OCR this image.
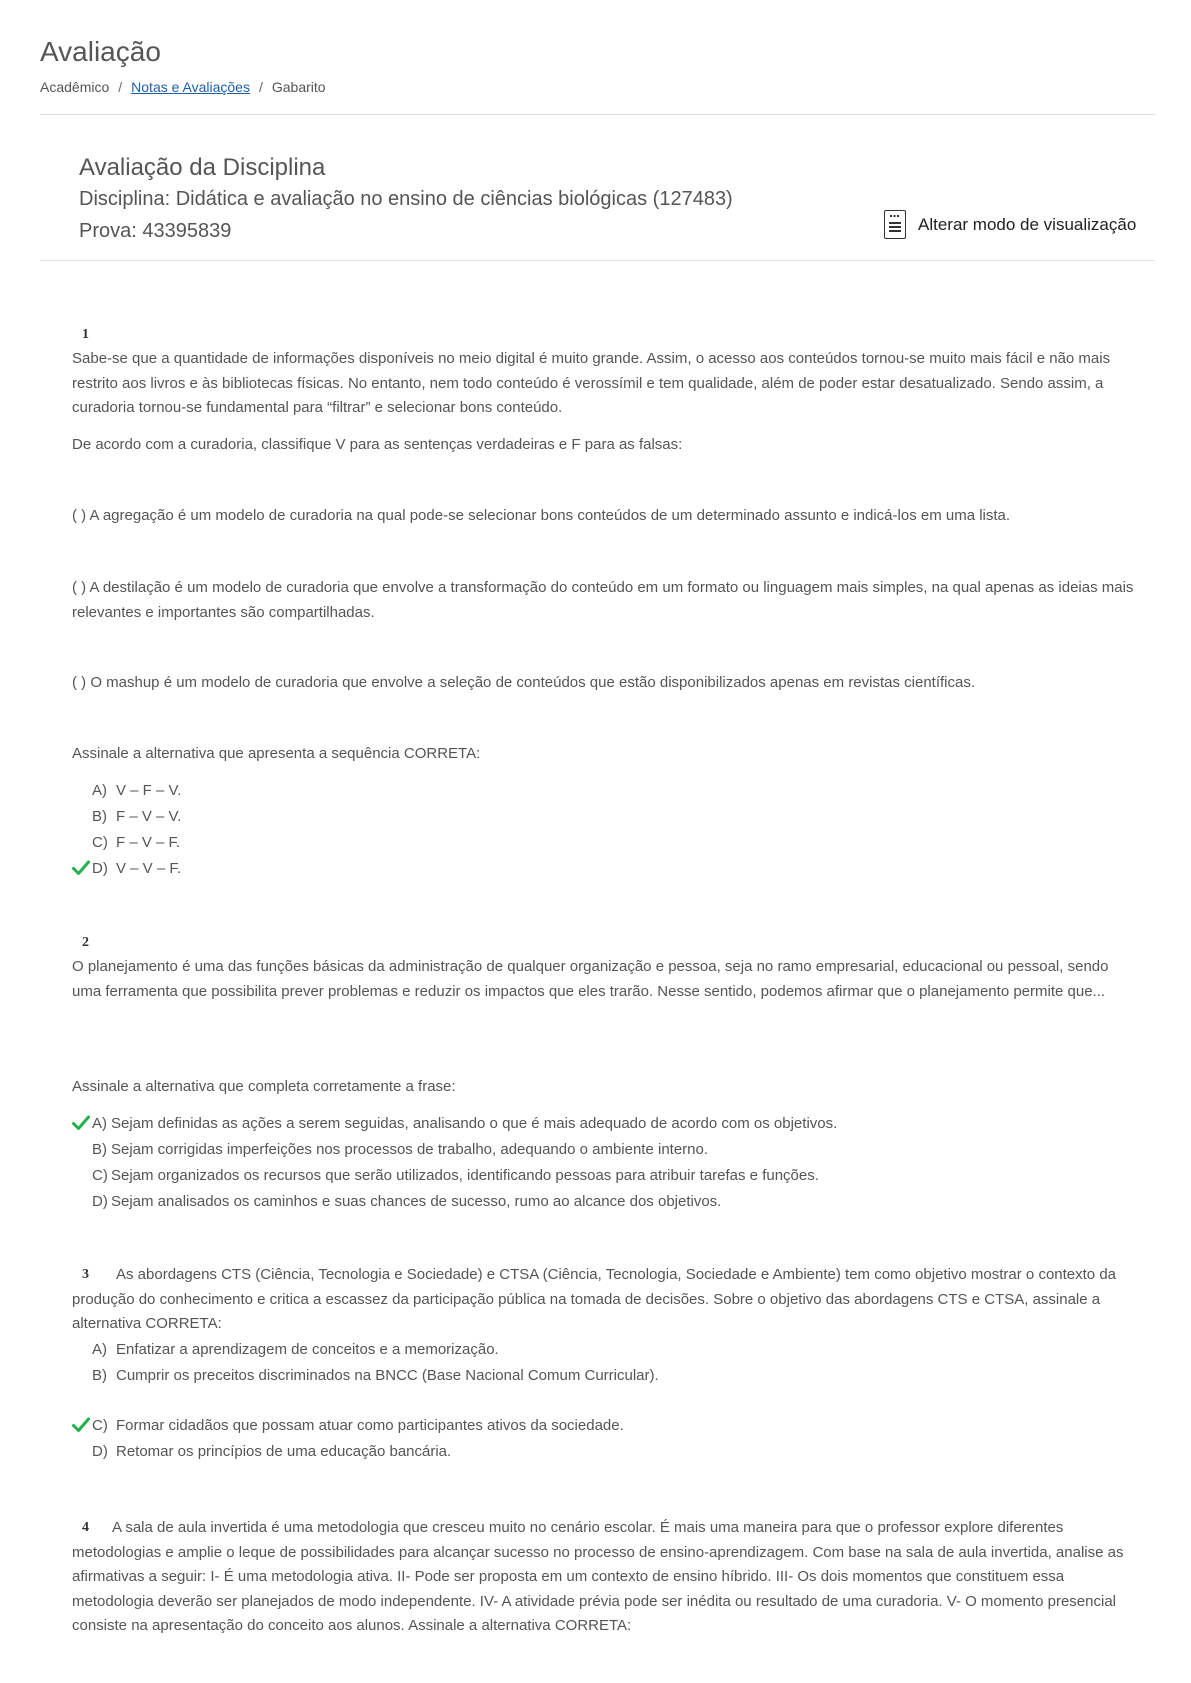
Avaliação
Acadêmico / Notas e Avaliações / Gabarito
Avaliação da Disciplina
Disciplina: Didática e avaliação no ensino de ciências biológicas (127483)
Prova: 43395839	Alterar modo de visualização
1
Sabe-se que a quantidade de informações disponíveis no meio digital é muito grande. Assim, o acesso aos conteúdos tornou-se muito mais fácil e não mais restrito aos livros e às bibliotecas físicas. No entanto, nem todo conteúdo é verossímil e tem qualidade, além de poder estar desatualizado. Sendo assim, a curadoria tornou-se fundamental para “filtrar” e selecionar bons conteúdo.
De acordo com a curadoria, classifique V para as sentenças verdadeiras e F para as falsas:
( ) A agregação é um modelo de curadoria na qual pode-se selecionar bons conteúdos de um determinado assunto e indicá-los em uma lista.
( ) A destilação é um modelo de curadoria que envolve a transformação do conteúdo em um formato ou linguagem mais simples, na qual apenas as ideias mais relevantes e importantes são compartilhadas.
( ) O mashup é um modelo de curadoria que envolve a seleção de conteúdos que estão disponibilizados apenas em revistas científicas.
Assinale a alternativa que apresenta a sequência CORRETA:
A) V – F – V.
B) F – V – V.
C) F – V – F.
D) V – V – F.
2
O planejamento é uma das funções básicas da administração de qualquer organização e pessoa, seja no ramo empresarial, educacional ou pessoal, sendo uma ferramenta que possibilita prever problemas e reduzir os impactos que eles trarão. Nesse sentido, podemos afirmar que o planejamento permite que...
Assinale a alternativa que completa corretamente a frase:
A) Sejam definidas as ações a serem seguidas, analisando o que é mais adequado de acordo com os objetivos.
B) Sejam corrigidas imperfeições nos processos de trabalho, adequando o ambiente interno.
C) Sejam organizados os recursos que serão utilizados, identificando pessoas para atribuir tarefas e funções.
D) Sejam analisados os caminhos e suas chances de sucesso, rumo ao alcance dos objetivos.
3	As abordagens CTS (Ciência, Tecnologia e Sociedade) e CTSA (Ciência, Tecnologia, Sociedade e Ambiente) tem como objetivo mostrar o contexto da produção do conhecimento e critica a escassez da participação pública na tomada de decisões. Sobre o objetivo das abordagens CTS e CTSA, assinale a alternativa CORRETA:
A) Enfatizar a aprendizagem de conceitos e a memorização.
B) Cumprir os preceitos discriminados na BNCC (Base Nacional Comum Curricular).
C) Formar cidadãos que possam atuar como participantes ativos da sociedade.
D) Retomar os princípios de uma educação bancária.
4	A sala de aula invertida é uma metodologia que cresceu muito no cenário escolar. É mais uma maneira para que o professor explore diferentes metodologias e amplie o leque de possibilidades para alcançar sucesso no processo de ensino-aprendizagem. Com base na sala de aula invertida, analise as afirmativas a seguir: I- É uma metodologia ativa. II- Pode ser proposta em um contexto de ensino híbrido. III- Os dois momentos que constituem essa metodologia deverão ser planejados de modo independente. IV- A atividade prévia pode ser inédita ou resultado de uma curadoria. V- O momento presencial consiste na apresentação do conceito aos alunos. Assinale a alternativa CORRETA:
